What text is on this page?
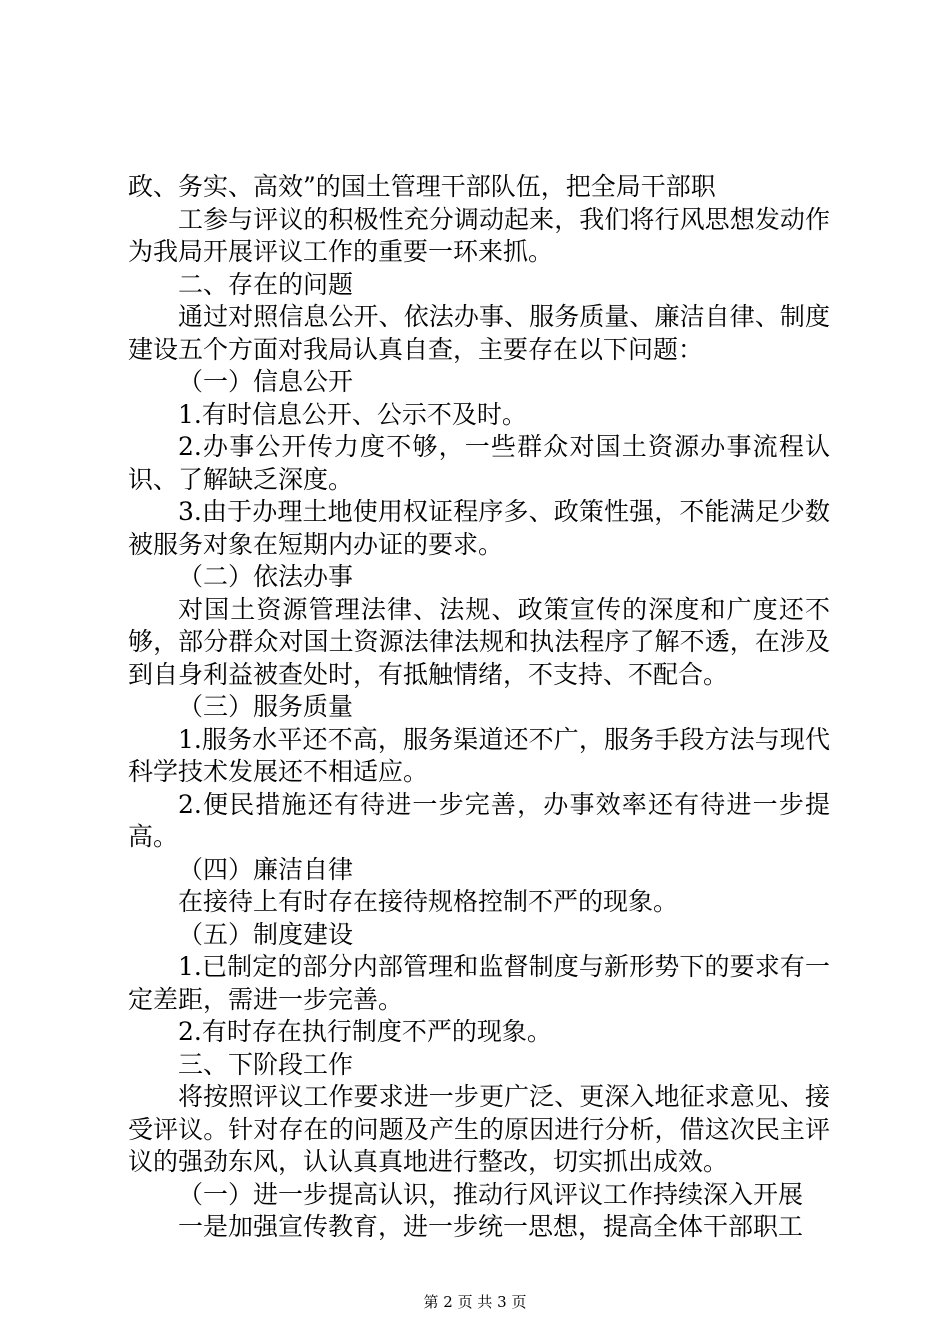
政、务实、高效”的国土管理干部队伍，把全局干部职

工参与评议的积极性充分调动起来，我们将行风思想发动作为我局开展评议工作的重要一环来抓。

二、存在的问题

通过对照信息公开、依法办事、服务质量、廉洁自律、制度建设五个方面对我局认真自查，主要存在以下问题：

（一）信息公开

1.有时信息公开、公示不及时。

2.办事公开传力度不够，一些群众对国土资源办事流程认识、了解缺乏深度。

3.由于办理土地使用权证程序多、政策性强，不能满足少数被服务对象在短期内办证的要求。

（二）依法办事

对国土资源管理法律、法规、政策宣传的深度和广度还不够，部分群众对国土资源法律法规和执法程序了解不透，在涉及到自身利益被查处时，有抵触情绪，不支持、不配合。

（三）服务质量

1.服务水平还不高，服务渠道还不广，服务手段方法与现代科学技术发展还不相适应。

2.便民措施还有待进一步完善，办事效率还有待进一步提高。

（四）廉洁自律

在接待上有时存在接待规格控制不严的现象。

（五）制度建设

1.已制定的部分内部管理和监督制度与新形势下的要求有一定差距，需进一步完善。

2.有时存在执行制度不严的现象。

三、下阶段工作

将按照评议工作要求进一步更广泛、更深入地征求意见、接受评议。针对存在的问题及产生的原因进行分析，借这次民主评议的强劲东风，认认真真地进行整改，切实抓出成效。

（一）进一步提高认识，推动行风评议工作持续深入开展

一是加强宣传教育，进一步统一思想，提高全体干部职工

第 2 页 共 3 页
